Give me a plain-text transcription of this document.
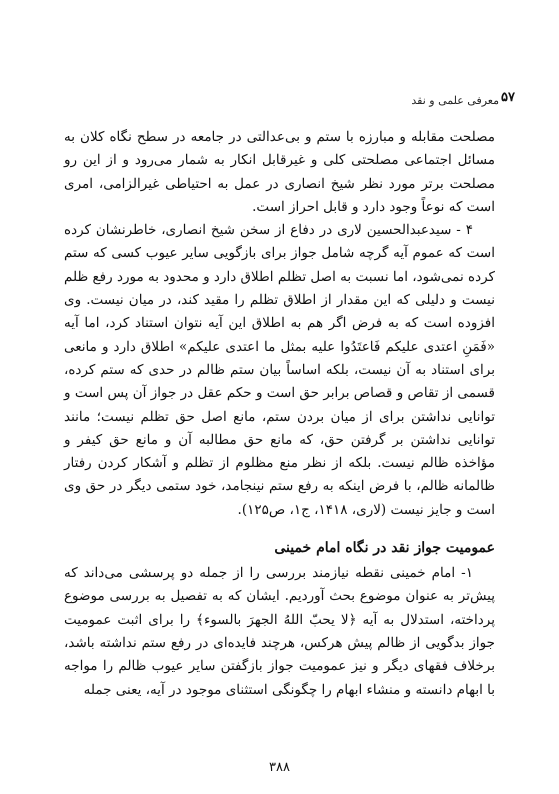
۵۷
معرفی علمی و نقد

مصلحت مقابله و مبارزه با ستم و بی‌عدالتی در جامعه در سطح نگاه کلان به مسائل اجتماعی مصلحتی کلی و غیرقابل انکار به شمار می‌رود و از این رو مصلحت برتر مورد نظر شیخ انصاری در عمل به احتیاطی غیرالزامی، امری است که نوعاً وجود دارد و قابل احراز است.

۴ - سیدعبدالحسین لاری در دفاع از سخن شیخ انصاری، خاطرنشان کرده است که عموم آیه گرچه شامل جواز برای بازگویی سایر عیوب کسی که ستم کرده نمی‌شود، اما نسبت به اصل تظلم اطلاق دارد و محدود به مورد رفع ظلم نیست و دلیلی که این مقدار از اطلاق تظلم را مقید کند، در میان نیست. وی افزوده است که به فرض اگر هم به اطلاق این آیه نتوان استناد کرد، اما آیه «فَمَنِ اعتدی علیکم فَاعتَدُوا علیه بمثل ما اعتدی علیکم» اطلاق دارد و مانعی برای استناد به آن نیست، بلکه اساساً بیان ستم ظالم در حدی که ستم کرده، قسمی از تقاص و قصاص برابر حق است و حکم عقل در جواز آن پس است و توانایی نداشتن برای از میان بردن ستم، مانع اصل حق تظلم نیست؛ مانند توانایی نداشتن بر گرفتن حق، که مانع حق مطالبه آن و مانع حق کیفر و مؤاخذه ظالم نیست. بلکه از نظر منع مظلوم از تظلم و آشکار کردن رفتار ظالمانه ظالم، با فرض اینکه به رفع ستم نینجامد، خود ستمی دیگر در حق وی است و جایز نیست (لاری، ۱۴۱۸، ج۱، ص۱۲۵).

عمومیت جواز نقد در نگاه امام خمینی

۱- امام خمینی نقطه نیازمند بررسی را از جمله دو پرسشی می‌داند که پیش‌تر به عنوان موضوع بحث آوردیم. ایشان که به تفصیل به بررسی موضوع پرداخته، استدلال به آیه ﴿لا یحبّ اللهُ الجهرَ بالسوء﴾ را برای اثبت عمومیت جواز بدگویی از ظالم پیش هرکس، هرچند فایده‌ای در رفع ستم نداشته باشد، برخلاف فقهای دیگر و نیز عمومیت جواز بازگفتن سایر عیوب ظالم را مواجه با ابهام دانسته و منشاء ابهام را چگونگی استثنای موجود در آیه، یعنی جمله

۳۸۸
